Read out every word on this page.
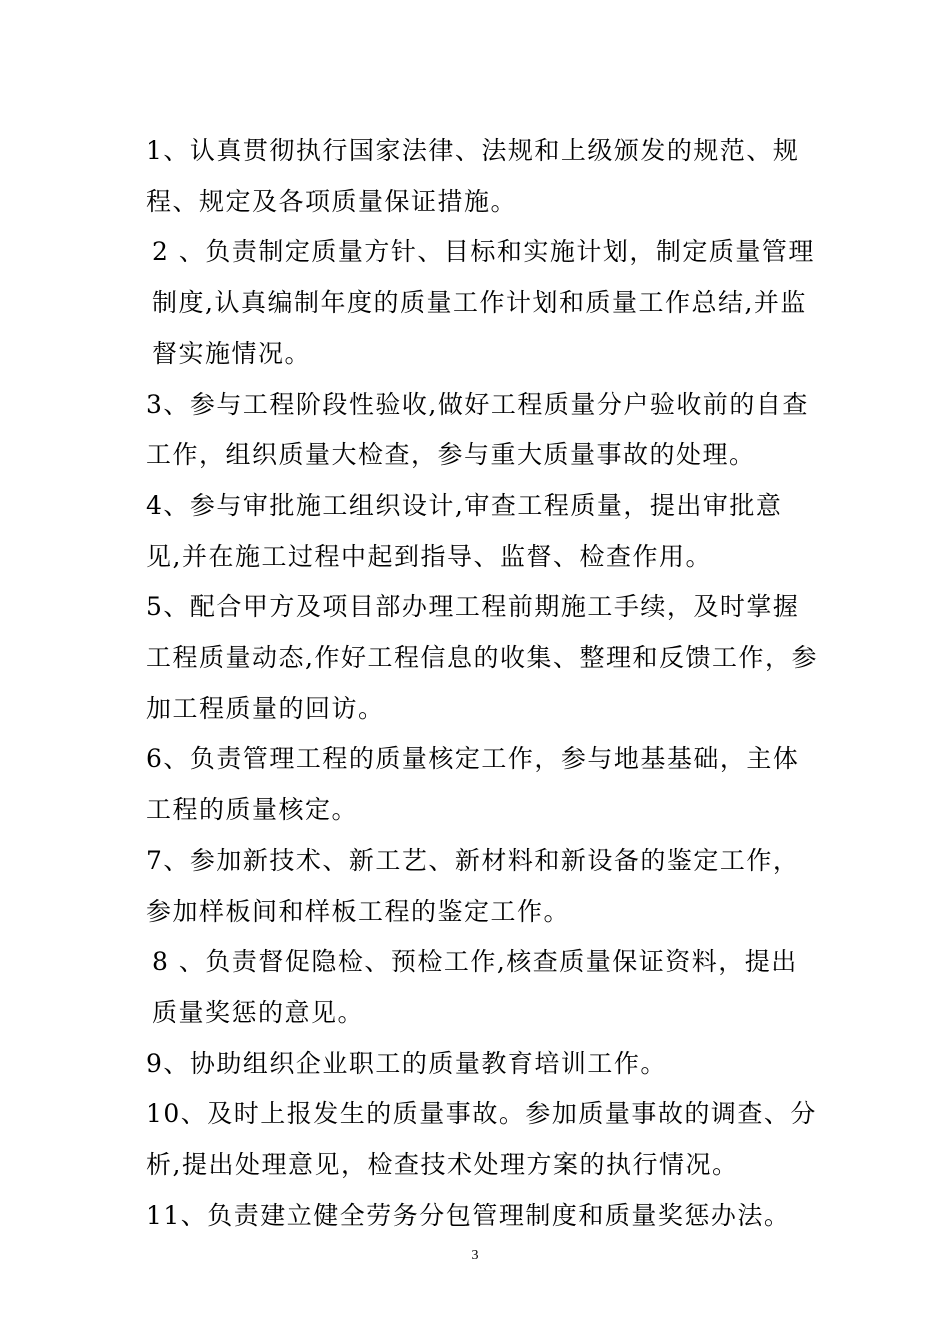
1、认真贯彻执行国家法律、法规和上级颁发的规范、规程、规定及各项质量保证措施。

2 、负责制定质量方针、目标和实施计划，制定质量管理制度,认真编制年度的质量工作计划和质量工作总结,并监督实施情况。

3、参与工程阶段性验收,做好工程质量分户验收前的自查工作，组织质量大检查，参与重大质量事故的处理。

4、参与审批施工组织设计,审查工程质量，提出审批意见,并在施工过程中起到指导、监督、检查作用。

5、配合甲方及项目部办理工程前期施工手续，及时掌握工程质量动态,作好工程信息的收集、整理和反馈工作，参加工程质量的回访。

6、负责管理工程的质量核定工作，参与地基基础，主体工程的质量核定。

7、参加新技术、新工艺、新材料和新设备的鉴定工作，参加样板间和样板工程的鉴定工作。

8 、负责督促隐检、预检工作,核查质量保证资料，提出质量奖惩的意见。

9、协助组织企业职工的质量教育培训工作。

10、及时上报发生的质量事故。参加质量事故的调查、分析,提出处理意见，检查技术处理方案的执行情况。

11、负责建立健全劳务分包管理制度和质量奖惩办法。

3
